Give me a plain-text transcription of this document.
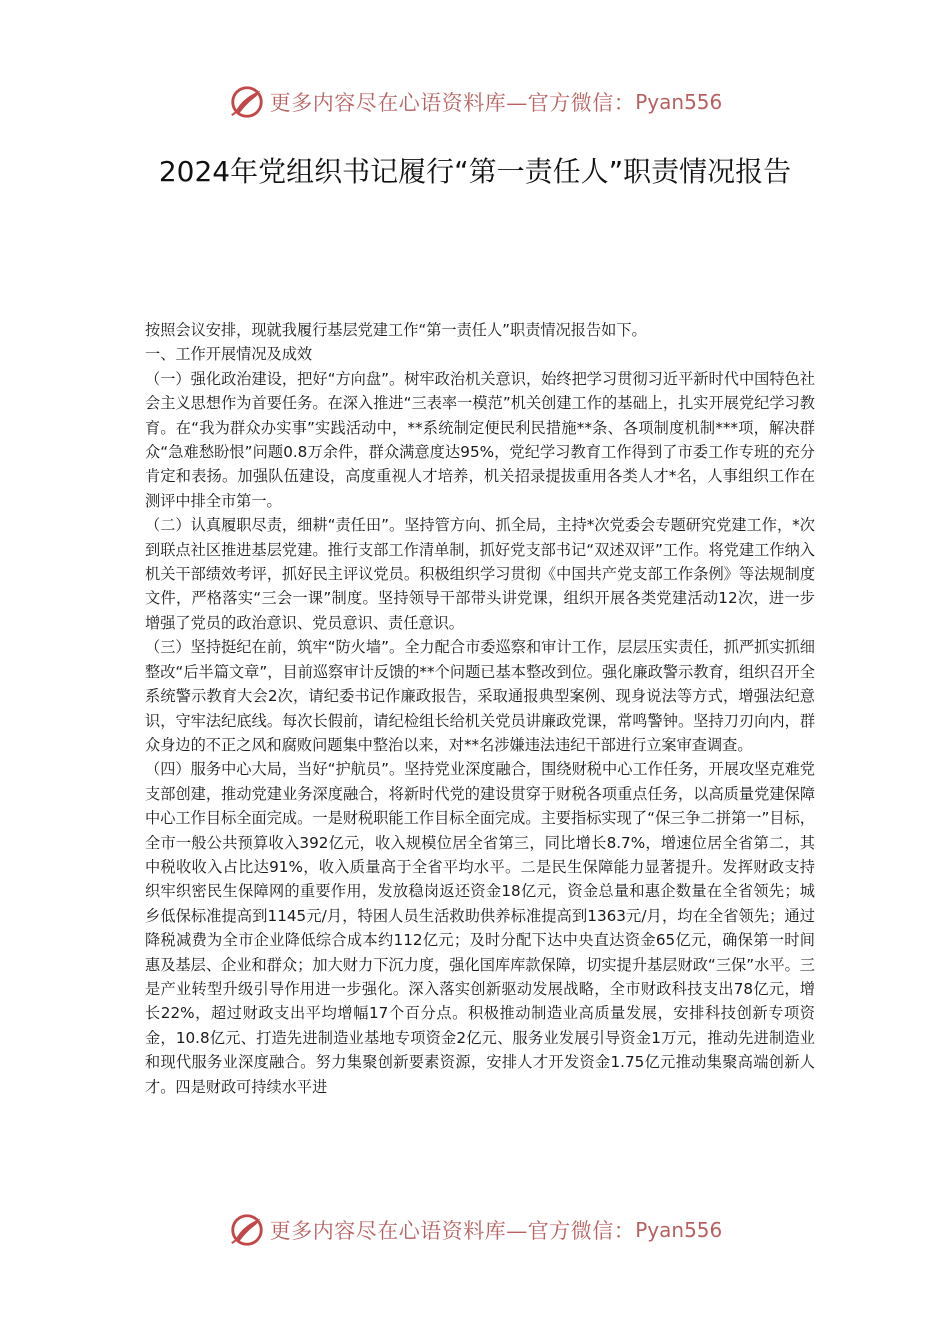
更多内容尽在心语资料库—官方微信： Pyan556
2024年党组织书记履行“第一责任人”职责情况报告

按照会议安排，现就我履行基层党建工作“第一责任人”职责情况报告如下。

一、工作开展情况及成效

（一）强化政治建设，把好“方向盘”。树牢政治机关意识，始终把学习贯彻习近平新时代中国特色社会主义思想作为首要任务。在深入推进“三表率一模范”机关创建工作的基础上，扎实开展党纪学习教育。在“我为群众办实事”实践活动中，**系统制定便民利民措施**条、各项制度机制***项，解决群众“急难愁盼恨”问题0.8万余件，群众满意度达95%，党纪学习教育工作得到了市委工作专班的充分肯定和表扬。加强队伍建设，高度重视人才培养，机关招录提拔重用各类人才*名，人事组织工作在测评中排全市第一。

（二）认真履职尽责，细耕“责任田”。坚持管方向、抓全局，主持*次党委会专题研究党建工作，*次到联点社区推进基层党建。推行支部工作清单制，抓好党支部书记“双述双评”工作。将党建工作纳入机关干部绩效考评，抓好民主评议党员。积极组织学习贯彻《中国共产党支部工作条例》等法规制度文件，严格落实“三会一课”制度。坚持领导干部带头讲党课，组织开展各类党建活动12次，进一步增强了党员的政治意识、党员意识、责任意识。

（三）坚持挺纪在前，筑牢“防火墙”。全力配合市委巡察和审计工作，层层压实责任，抓严抓实抓细整改“后半篇文章”，目前巡察审计反馈的**个问题已基本整改到位。强化廉政警示教育，组织召开全系统警示教育大会2次，请纪委书记作廉政报告，采取通报典型案例、现身说法等方式，增强法纪意识，守牢法纪底线。每次长假前，请纪检组长给机关党员讲廉政党课，常鸣警钟。坚持刀刃向内，群众身边的不正之风和腐败问题集中整治以来，对**名涉嫌违法违纪干部进行立案审查调查。

（四）服务中心大局，当好“护航员”。坚持党业深度融合，围绕财税中心工作任务，开展攻坚克难党支部创建，推动党建业务深度融合，将新时代党的建设贯穿于财税各项重点任务，以高质量党建保障中心工作目标全面完成。一是财税职能工作目标全面完成。主要指标实现了“保三争二拼第一”目标，全市一般公共预算收入392亿元，收入规模位居全省第三，同比增长8.7%，增速位居全省第二，其中税收收入占比达91%，收入质量高于全省平均水平。二是民生保障能力显著提升。发挥财政支持织牢织密民生保障网的重要作用，发放稳岗返还资金18亿元，资金总量和惠企数量在全省领先；城乡低保标准提高到1145元/月，特困人员生活救助供养标准提高到1363元/月，均在全省领先；通过降税减费为全市企业降低综合成本约112亿元；及时分配下达中央直达资金65亿元，确保第一时间惠及基层、企业和群众；加大财力下沉力度，强化国库库款保障，切实提升基层财政“三保”水平。三是产业转型升级引导作用进一步强化。深入落实创新驱动发展战略，全市财政科技支出78亿元，增长22%，超过财政支出平均增幅17个百分点。积极推动制造业高质量发展，安排科技创新专项资金，10.8亿元、打造先进制造业基地专项资金2亿元、服务业发展引导资金1万元，推动先进制造业和现代服务业深度融合。努力集聚创新要素资源，安排人才开发资金1.75亿元推动集聚高端创新人才。四是财政可持续水平进

更多内容尽在心语资料库—官方微信： Pyan556
